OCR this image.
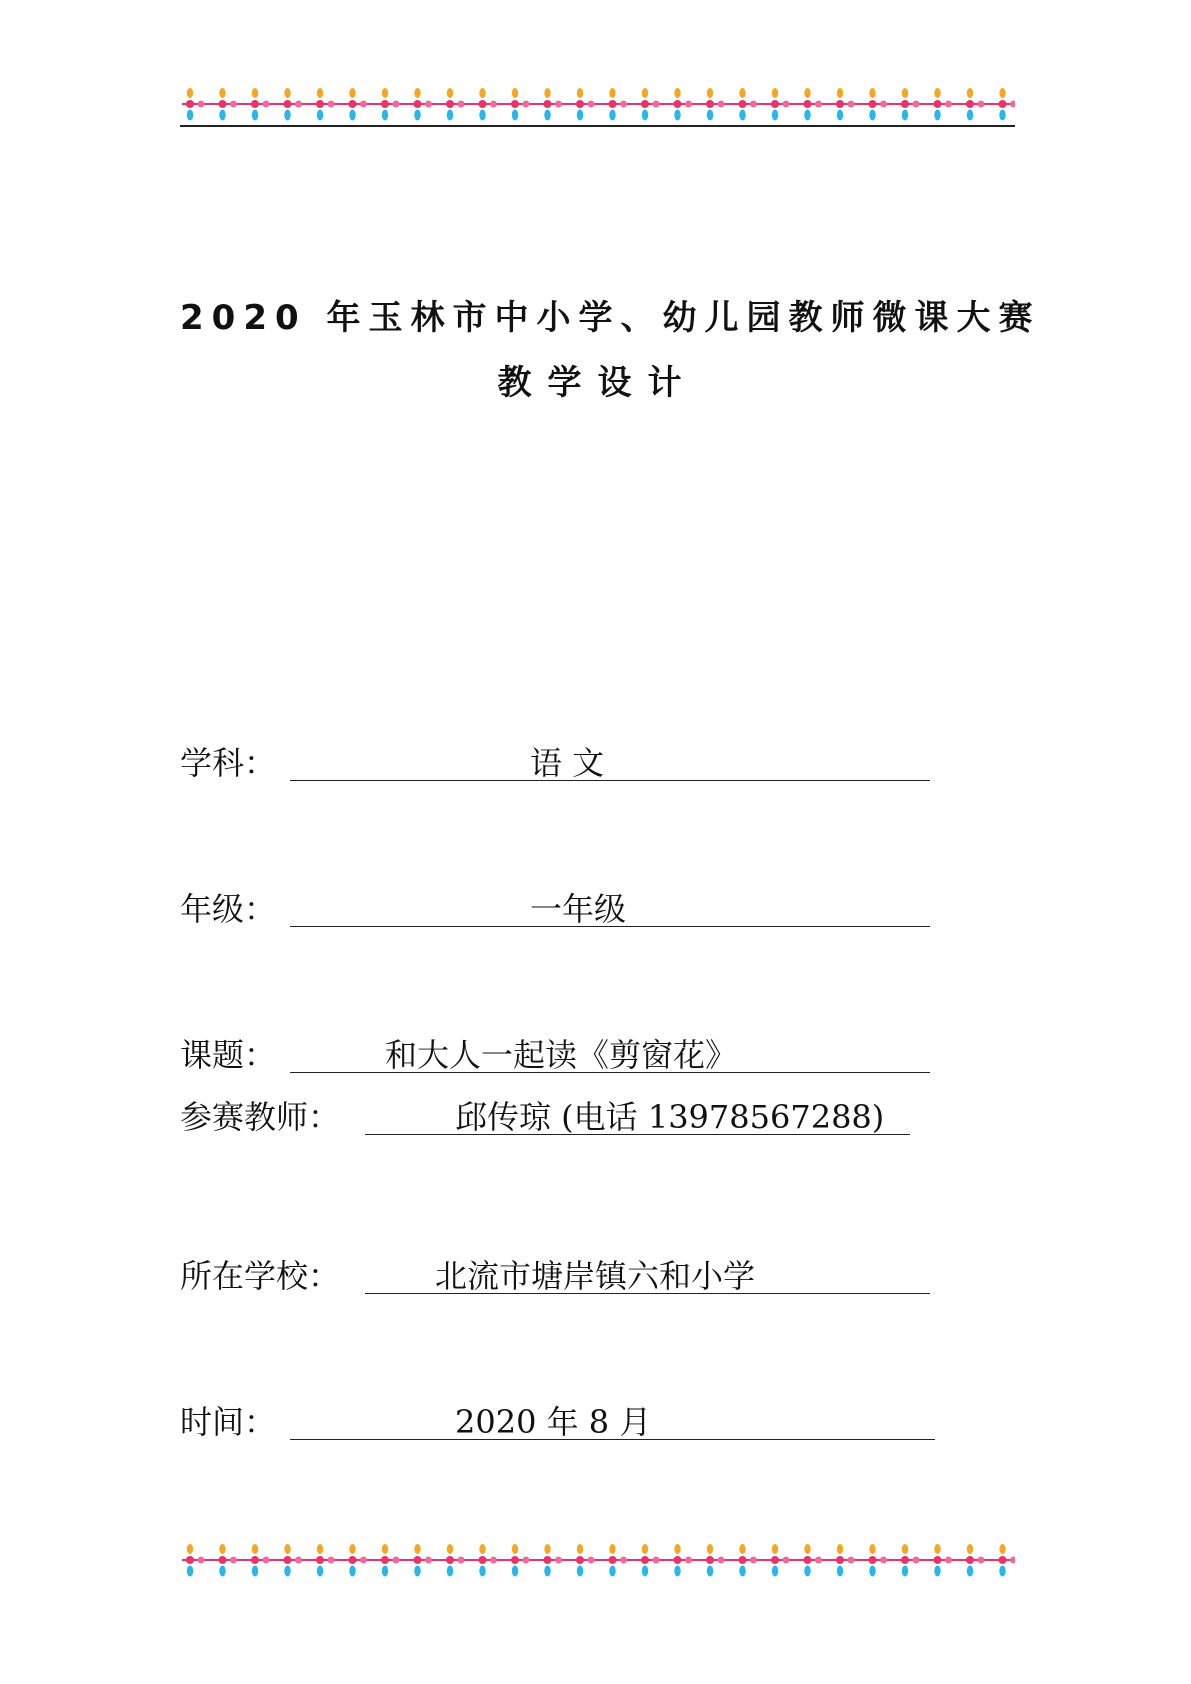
2020 年玉林市中小学、幼儿园教师微课大赛
教学设计
学科：	语 文
年级：	一年级
课题：	和大人一起读《剪窗花》
参赛教师：	邱传琼 (电话 13978567288)
所在学校：	北流市塘岸镇六和小学
时间：	2020 年 8 月
